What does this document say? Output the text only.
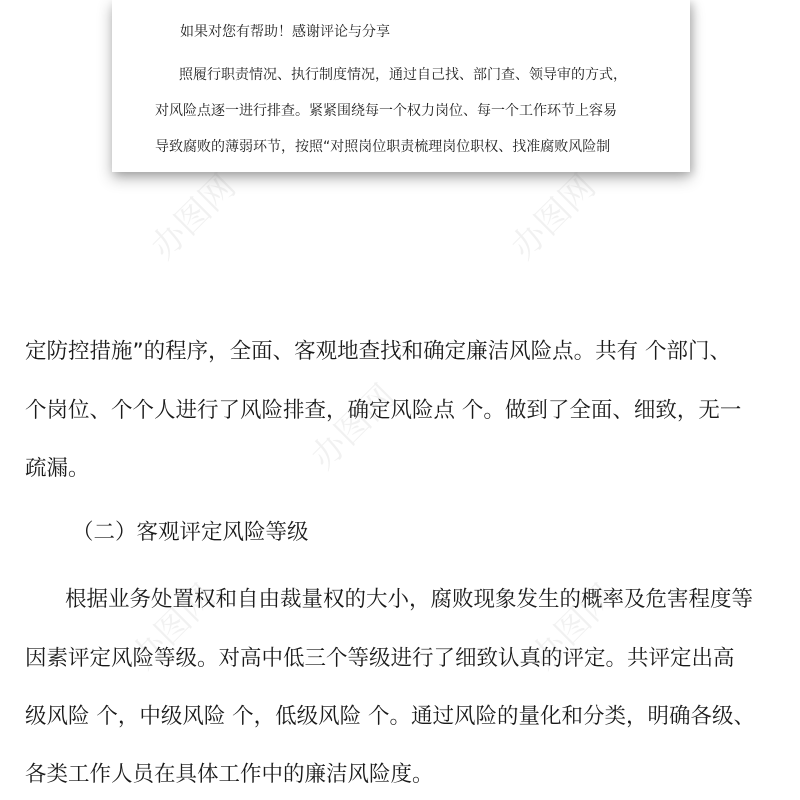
如果对您有帮助！感谢评论与分享

照履行职责情况、执行制度情况，通过自己找、部门查、领导审的方式，

对风险点逐一进行排查。紧紧围绕每一个权力岗位、每一个工作环节上容易

导致腐败的薄弱环节，按照“对照岗位职责梳理岗位职权、找准腐败风险制

定防控措施”的程序，全面、客观地查找和确定廉洁风险点。共有 个部门、

个岗位、个个人进行了风险排查，确定风险点 个。做到了全面、细致，无一

疏漏。

（二）客观评定风险等级

根据业务处置权和自由裁量权的大小，腐败现象发生的概率及危害程度等

因素评定风险等级。对高中低三个等级进行了细致认真的评定。共评定出高

级风险 个，中级风险 个，低级风险 个。通过风险的量化和分类，明确各级、

各类工作人员在具体工作中的廉洁风险度。

办图网	办图网
办图网
办图网	办图网
